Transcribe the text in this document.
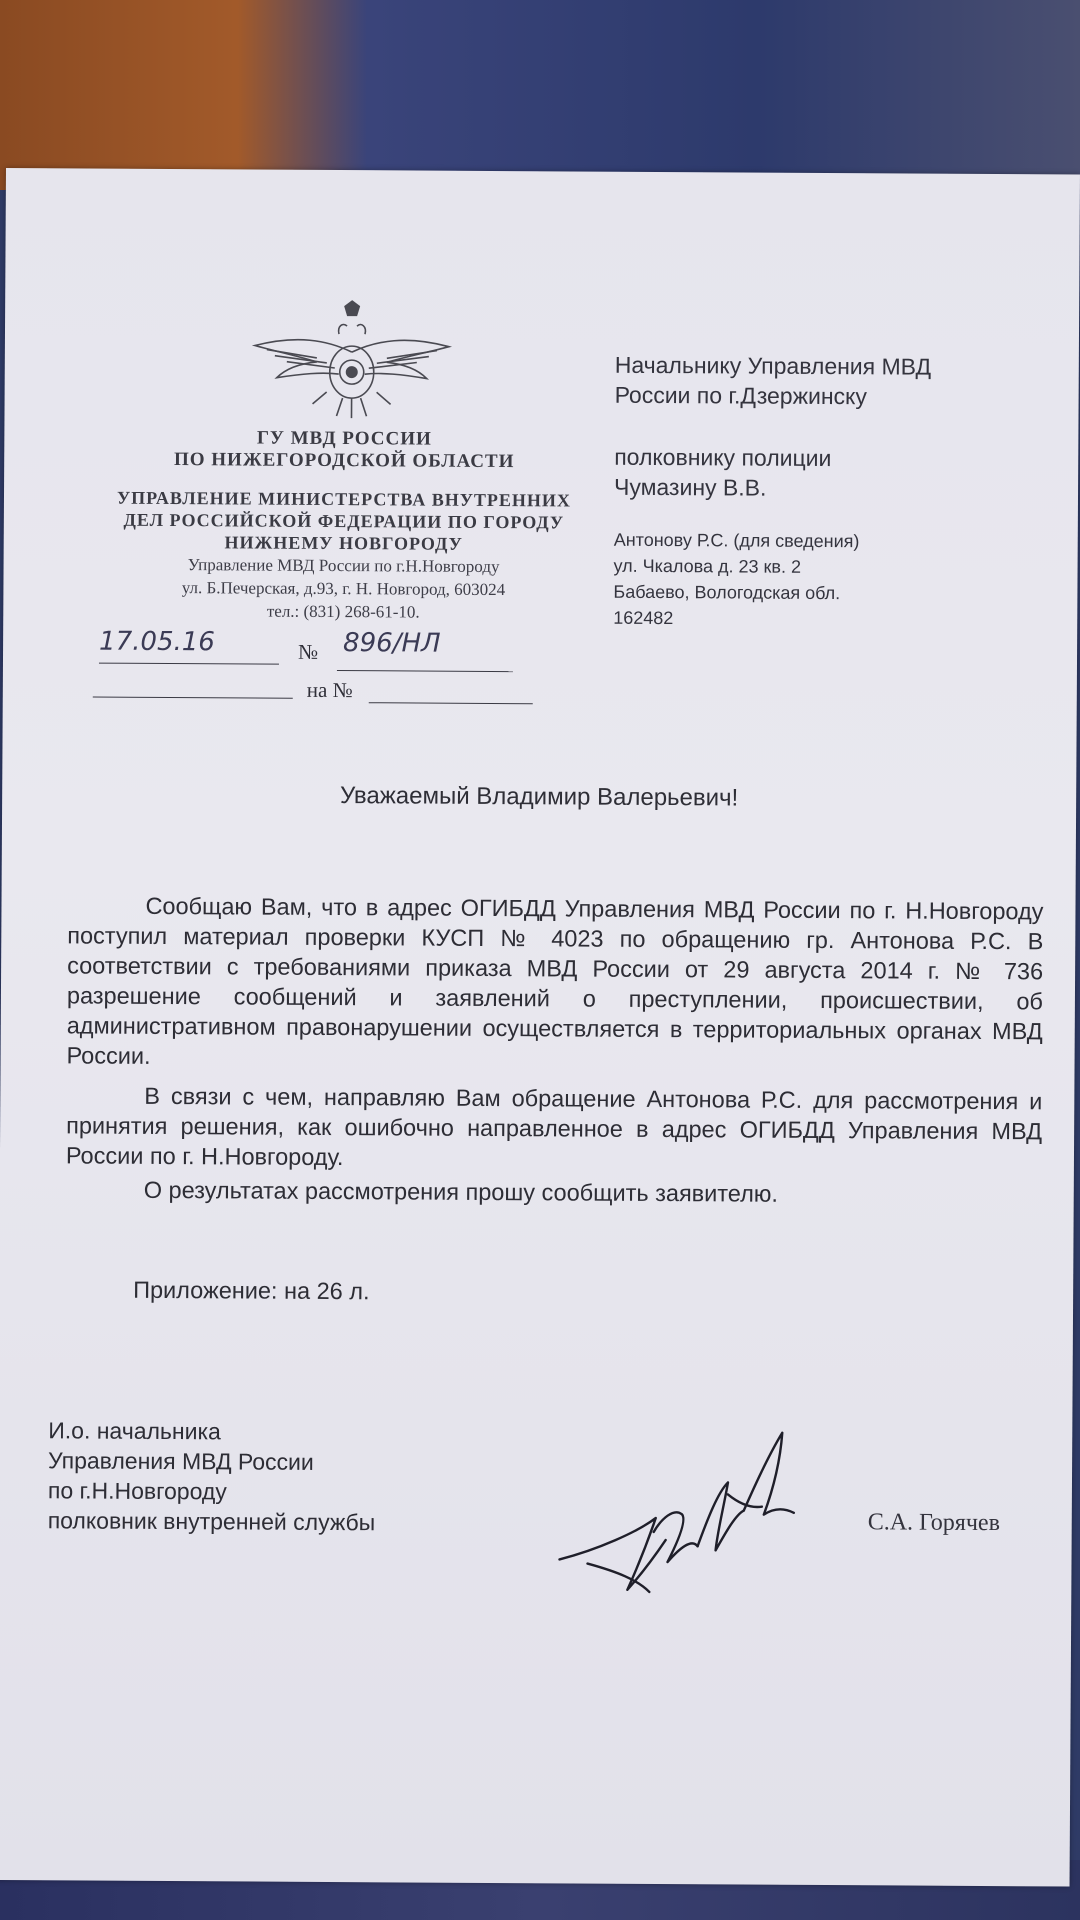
ГУ МВД РОССИИ
ПО НИЖЕГОРОДСКОЙ ОБЛАСТИ
УПРАВЛЕНИЕ МИНИСТЕРСТВА ВНУТРЕННИХ
ДЕЛ РОССИЙСКОЙ ФЕДЕРАЦИИ ПО ГОРОДУ
НИЖНЕМУ НОВГОРОДУ
Управление МВД России по г.Н.Новгороду
ул. Б.Печерская, д.93, г. Н. Новгород, 603024
тел.: (831) 268-61-10.
17.05.16	№ 896/НЛ
на №
Начальнику Управления МВД
России по г.Дзержинску
полковнику полиции
Чумазину В.В.
Антонову Р.С. (для сведения)
ул. Чкалова д. 23 кв. 2
Бабаево, Вологодская обл.
162482
Уважаемый Владимир Валерьевич!
Сообщаю Вам, что в адрес ОГИБДД Управления МВД России по г. Н.Новгороду поступил материал проверки КУСП № 4023 по обращению гр. Антонова Р.С. В соответствии с требованиями приказа МВД России от 29 августа 2014 г. № 736 разрешение сообщений и заявлений о преступлении, происшествии, об административном правонарушении осуществляется в территориальных органах МВД России.
В связи с чем, направляю Вам обращение Антонова Р.С. для рассмотрения и принятия решения, как ошибочно направленное в адрес ОГИБДД Управления МВД России по г. Н.Новгороду.
О результатах рассмотрения прошу сообщить заявителю.
Приложение: на 26 л.
И.о. начальника
Управления МВД России
по г.Н.Новгороду
полковник внутренней службы	С.А. Горячев
